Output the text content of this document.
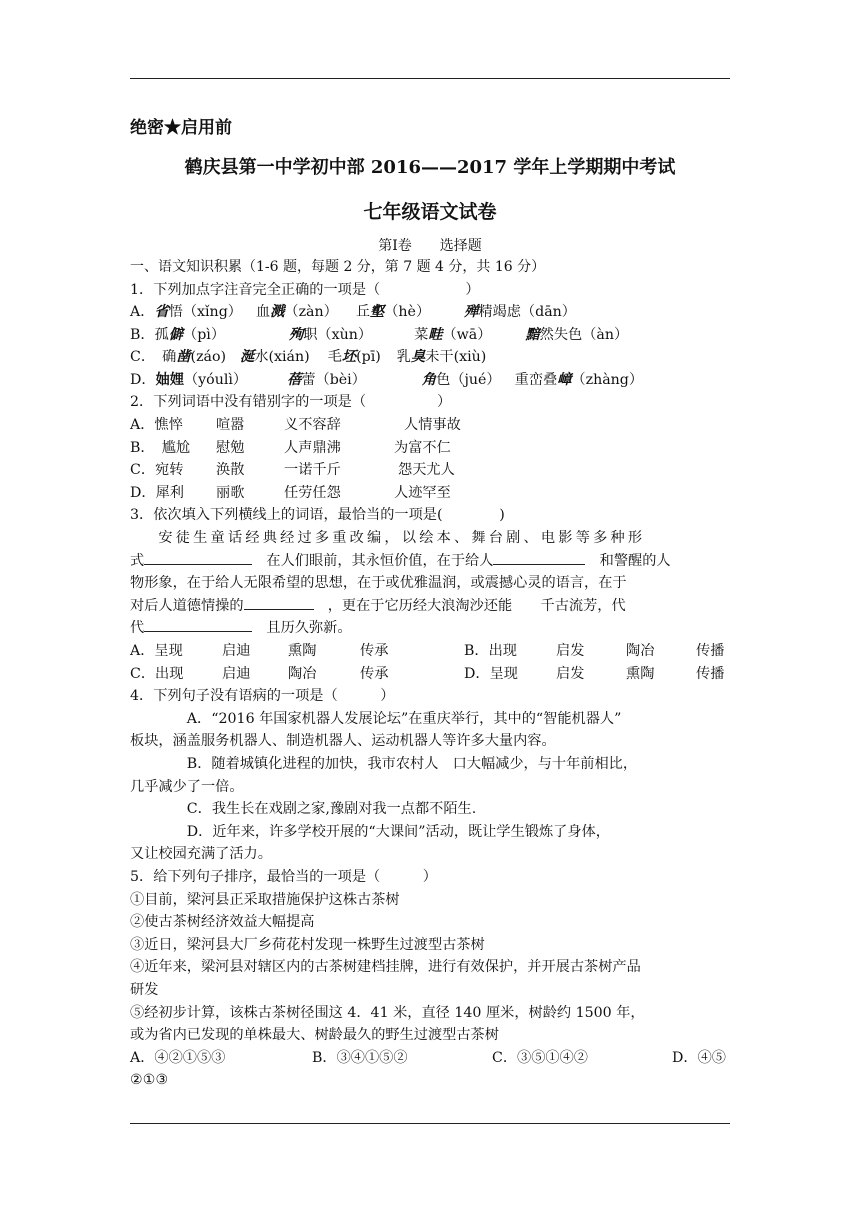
绝密★启用前
鹤庆县第一中学初中部 2016——2017 学年上学期期中考试
七年级语文试卷
第Ⅰ卷 选择题
一、语文知识积累（1-6 题，每题 2 分，第 7 题 4 分，共 16 分）
1．下列加点字注音完全正确的一项是（　　　　　　）
A．省悟（xǐng） 血溅（zàn） 丘壑（hè） 殚精竭虑（dān）
B．孤僻（pì）	殉职（xùn）	菜畦（wā） 黯然失色（àn）
C．　确凿(záo) 涎水(xián) 毛坯(pī) 乳臭未干(xiù)
D．妯娌（yóulì）	蓓蕾（bèi）	角色（jué） 重峦叠嶂（zhàng）
2．下列词语中没有错别字的一项是（　　　　　）
A．憔悴 喧嚣	义不容辞	人情事故
B．　尴尬 慰勉	人声鼎沸	为富不仁
C．宛转 涣散	一诺千斤	怨天尤人
D．犀利 丽歌	任劳任怨	人迹罕至
3．依次填入下列横线上的词语，最恰当的一项是(　　　　)
安徒生童话经典经过多重改编，以绘本、舞台剧、电影等多种形
式　	在人们眼前，其永恒价值，在于给人　	和警醒的人
物形象，在于给人无限希望的思想，在于或优雅温润，或震撼心灵的语言，在于
对后人道德情操的　	，更在于它历经大浪淘沙还能　　千古流芳，代
代　	且历久弥新。
A．呈现	启迪	熏陶	传承	B．出现	启发	陶冶	传播
C．出现	启迪	陶冶	传承	D．呈现	启发	熏陶	传播
4．下列句子没有语病的一项是（　　　）
A．“2016 年国家机器人发展论坛”在重庆举行，其中的“智能机器人”
板块，涵盖服务机器人、制造机器人、运动机器人等许多大量内容。
B．随着城镇化进程的加快，我市农村人　口大幅减少，与十年前相比，
几乎减少了一倍。
C．我生长在戏剧之家,豫剧对我一点都不陌生.
D．近年来，许多学校开展的“大课间”活动，既让学生锻炼了身体，
又让校园充满了活力。
5．给下列句子排序，最恰当的一项是（　　　）
①目前，梁河县正采取措施保护这株古茶树
②使古茶树经济效益大幅提高
③近日，梁河县大厂乡荷花村发现一株野生过渡型古茶树
④近年来，梁河县对辖区内的古茶树建档挂牌，进行有效保护，并开展古茶树产品
研发
⑤经初步计算，该株古茶树径围这 4．41 米，直径 140 厘米，树龄约 1500 年，
或为省内已发现的单株最大、树龄最久的野生过渡型古茶树
A．④②①⑤③	B．③④①⑤②	C．③⑤①④②	D．④⑤
②①③
